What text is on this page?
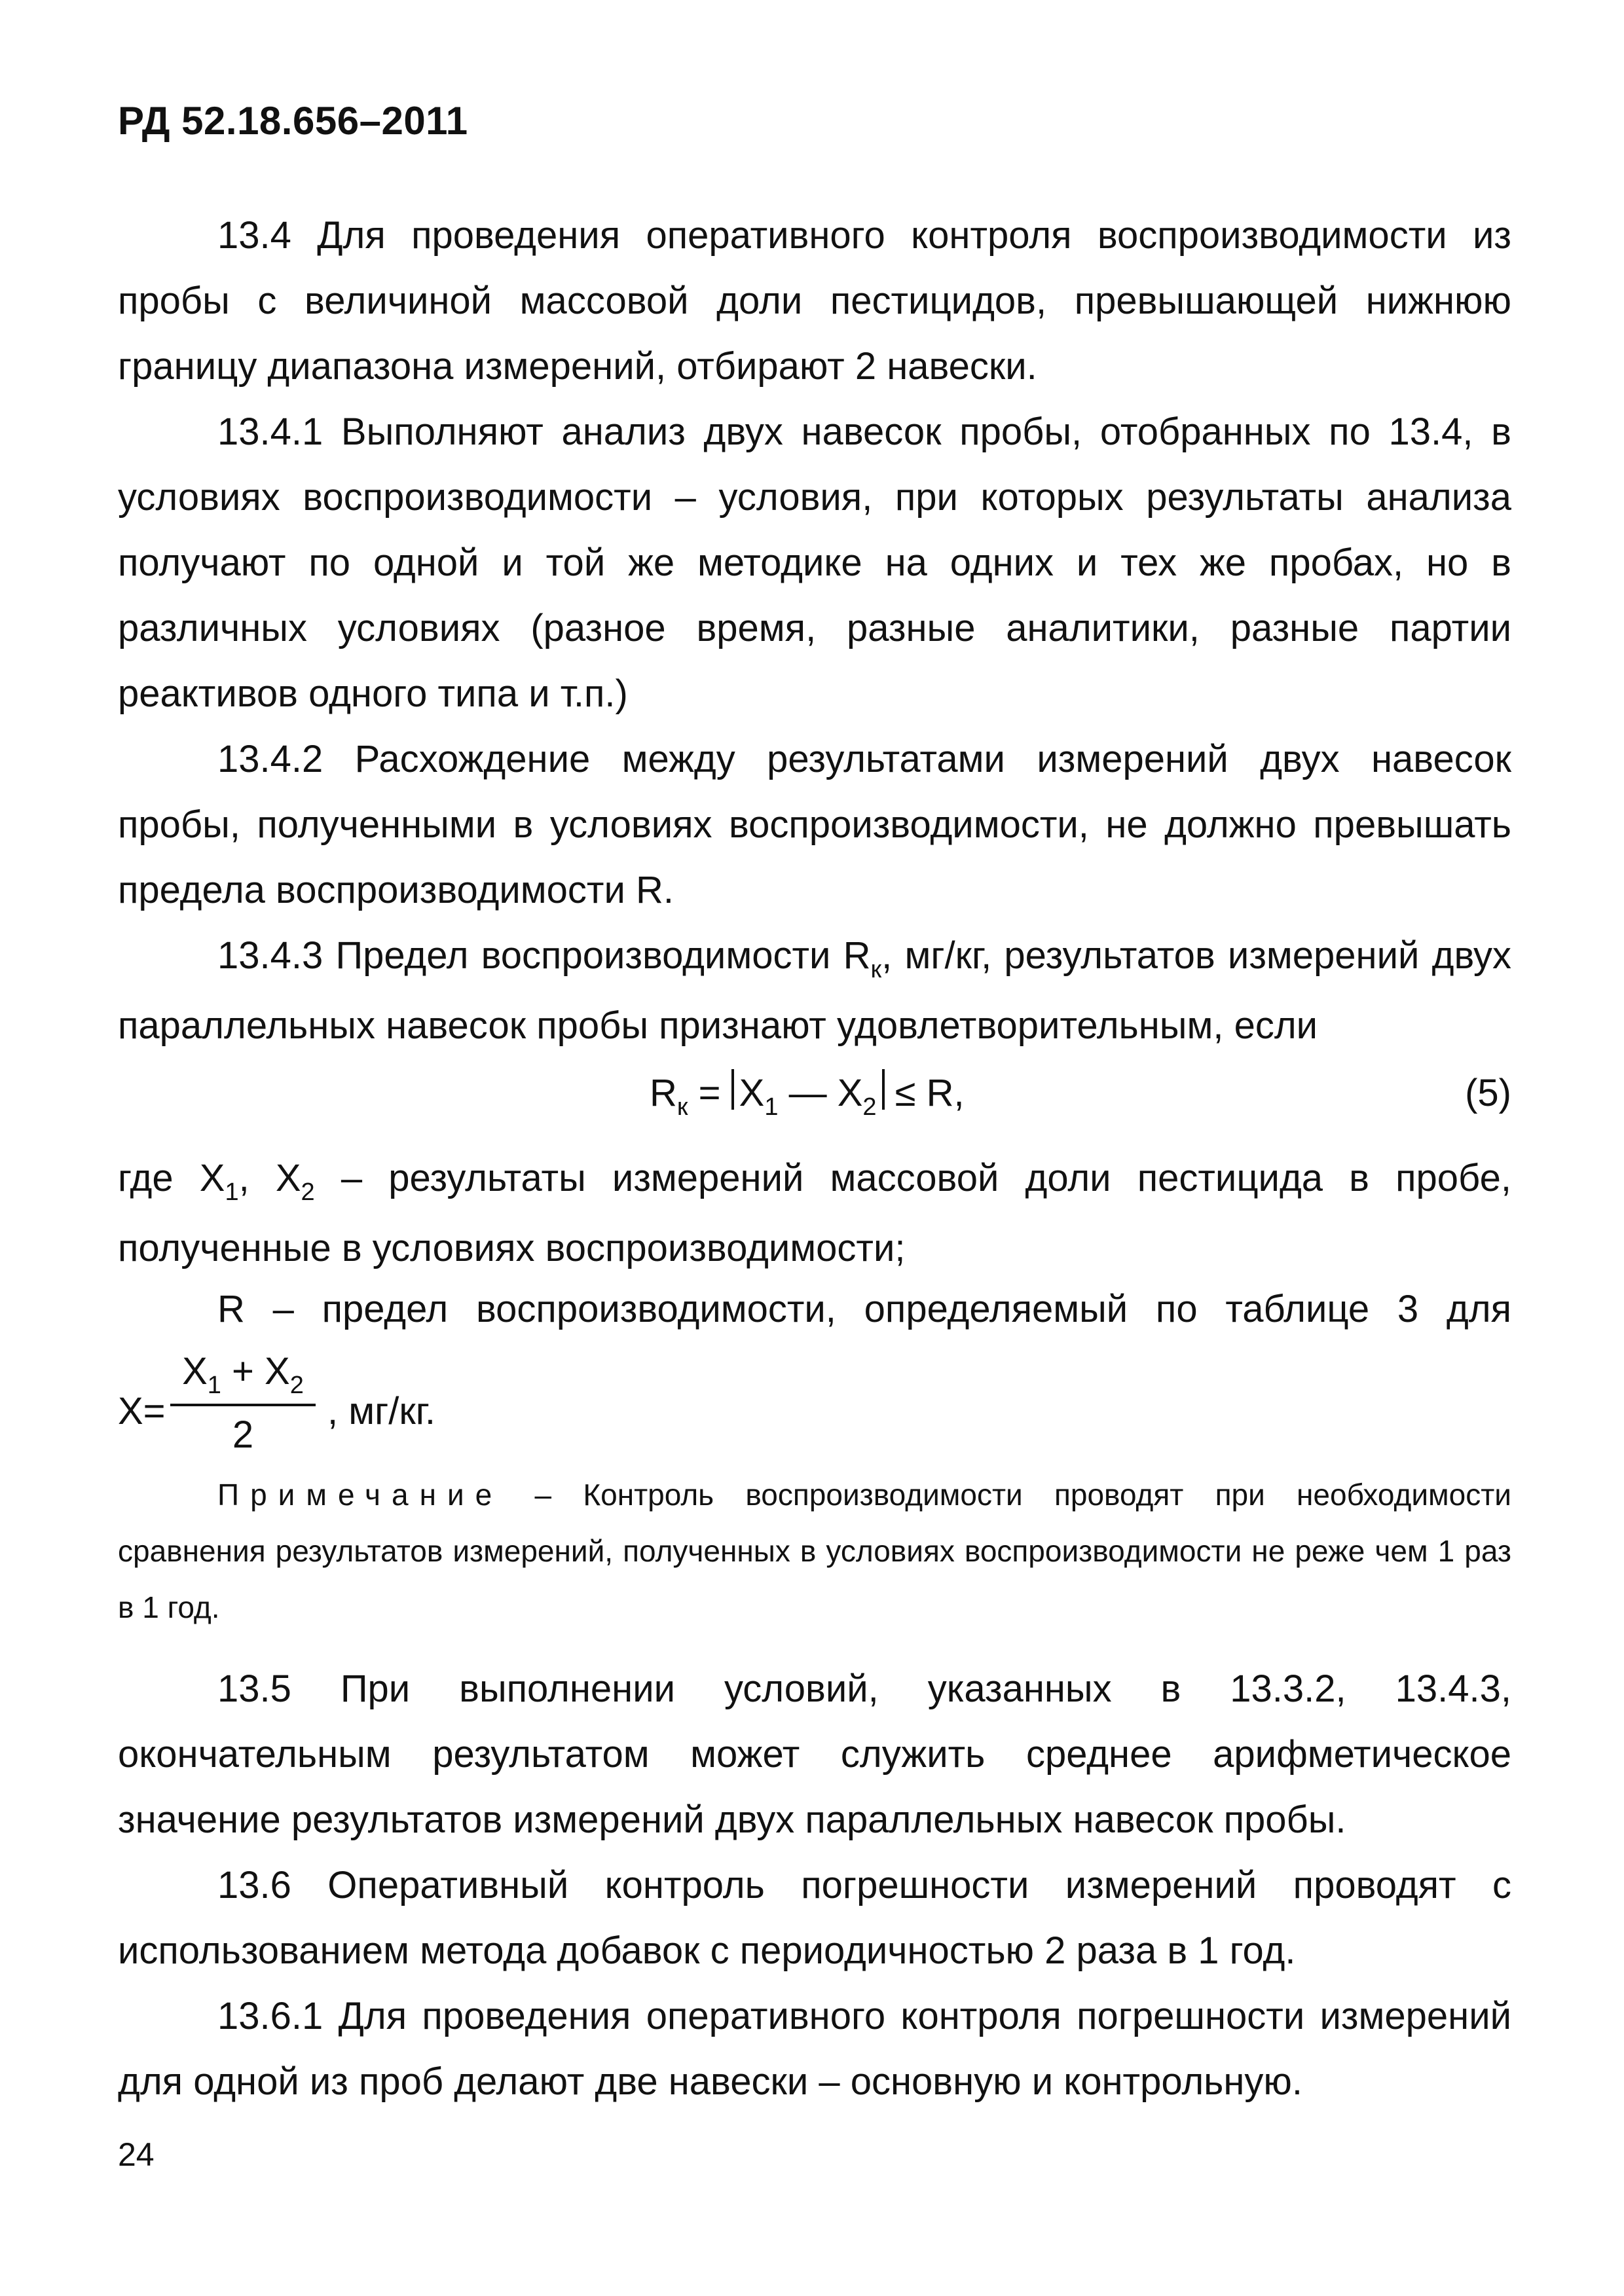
РД 52.18.656–2011

13.4 Для проведения оперативного контроля воспроизводимости из пробы с величиной массовой доли пестицидов, превышающей нижнюю границу диапазона измерений, отбирают 2 навески.

13.4.1 Выполняют анализ двух навесок пробы, отобранных по 13.4, в условиях воспроизводимости – условия, при которых результаты анализа получают по одной и той же методике на одних и тех же пробах, но в различных условиях (разное время, разные аналитики, разные партии реактивов одного типа и т.п.)

13.4.2 Расхождение между результатами измерений двух навесок пробы, полученными в условиях воспроизводимости, не должно превышать предела воспроизводимости R.

13.4.3 Предел воспроизводимости $R_к$, мг/кг, результатов измерений двух параллельных навесок пробы признают удовлетворительным, если

$R_к = X_1$ — $X_2 \le R$,	(5)

где $X_1$, $X_2$ – результаты измерений массовой доли пестицида в пробе, полученные в условиях воспроизводимости;

R – предел воспроизводимости, определяемый по таблице 3 для

X=
$X_1 + X_2$
2
, мг/кг.

Примечание – Контроль воспроизводимости проводят при необходимости сравнения результатов измерений, полученных в условиях воспроизводимости не реже чем 1 раз в 1 год.

13.5 При выполнении условий, указанных в 13.3.2, 13.4.3, окончательным результатом может служить среднее арифметическое значение результатов измерений двух параллельных навесок пробы.

13.6 Оперативный контроль погрешности измерений проводят с использованием метода добавок с периодичностью 2 раза в 1 год.

13.6.1 Для проведения оперативного контроля погрешности измерений для одной из проб делают две навески – основную и контрольную.

24
